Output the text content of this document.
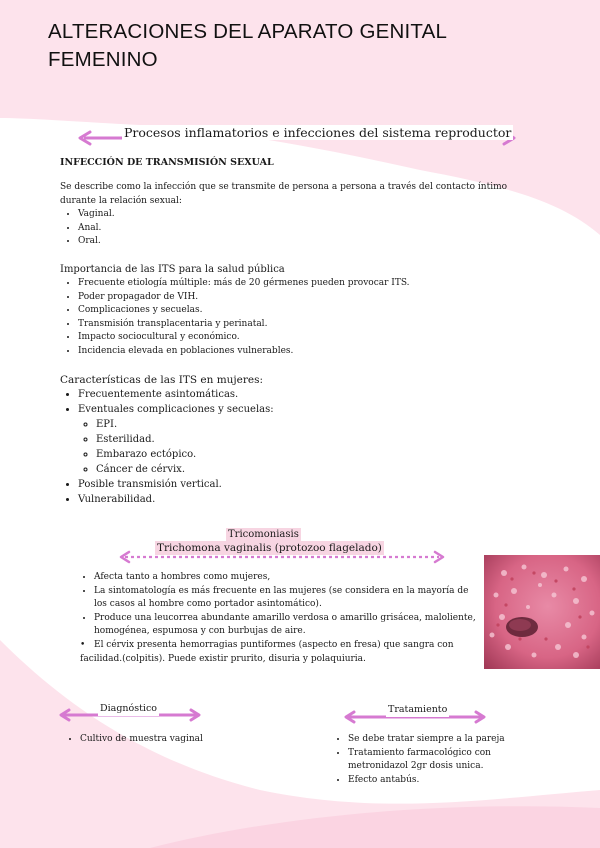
ALTERACIONES DEL APARATO GENITAL FEMENINO
Procesos inflamatorios e infecciones del sistema reproductor
INFECCIÓN DE TRANSMISIÓN SEXUAL
Se describe como la infección que se transmite de persona a persona a través del contacto íntimo durante la relación sexual:
• Vaginal.
• Anal.
• Oral.
Importancia de las ITS para la salud pública
• Frecuente etiología múltiple: más de 20 gérmenes pueden provocar ITS.
• Poder propagador de VIH.
• Complicaciones y secuelas.
• Transmisión transplacentaria y perinatal.
• Impacto sociocultural y económico.
• Incidencia elevada en poblaciones vulnerables.
Características de las ITS en mujeres:
• Frecuentemente asintomáticas.
• Eventuales complicaciones y secuelas:
◦ EPI.
◦ Esterilidad.
◦ Embarazo ectópico.
◦ Cáncer de cérvix.
• Posible transmisión vertical.
• Vulnerabilidad.
Tricomoniasis
Trichomona vaginalis (protozoo flagelado)
• Afecta tanto a hombres como mujeres,
• La sintomatología es más frecuente en las mujeres (se considera en la mayoría de los casos al hombre como portador asintomático).
• Produce una leucorrea abundante amarillo verdosa o amarillo grisácea, maloliente, homogénea, espumosa y con burbujas de aire.
• El cérvix presenta hemorragias puntiformes (aspecto en fresa) que sangra con facilidad.(colpitis). Puede existir prurito, disuria y polaquiuria.
Diagnóstico
• Cultivo de muestra vaginal
Tratamiento
• Se debe tratar siempre a la pareja
• Tratamiento farmacológico con metronidazol 2gr dosis unica.
• Efecto antabús.
